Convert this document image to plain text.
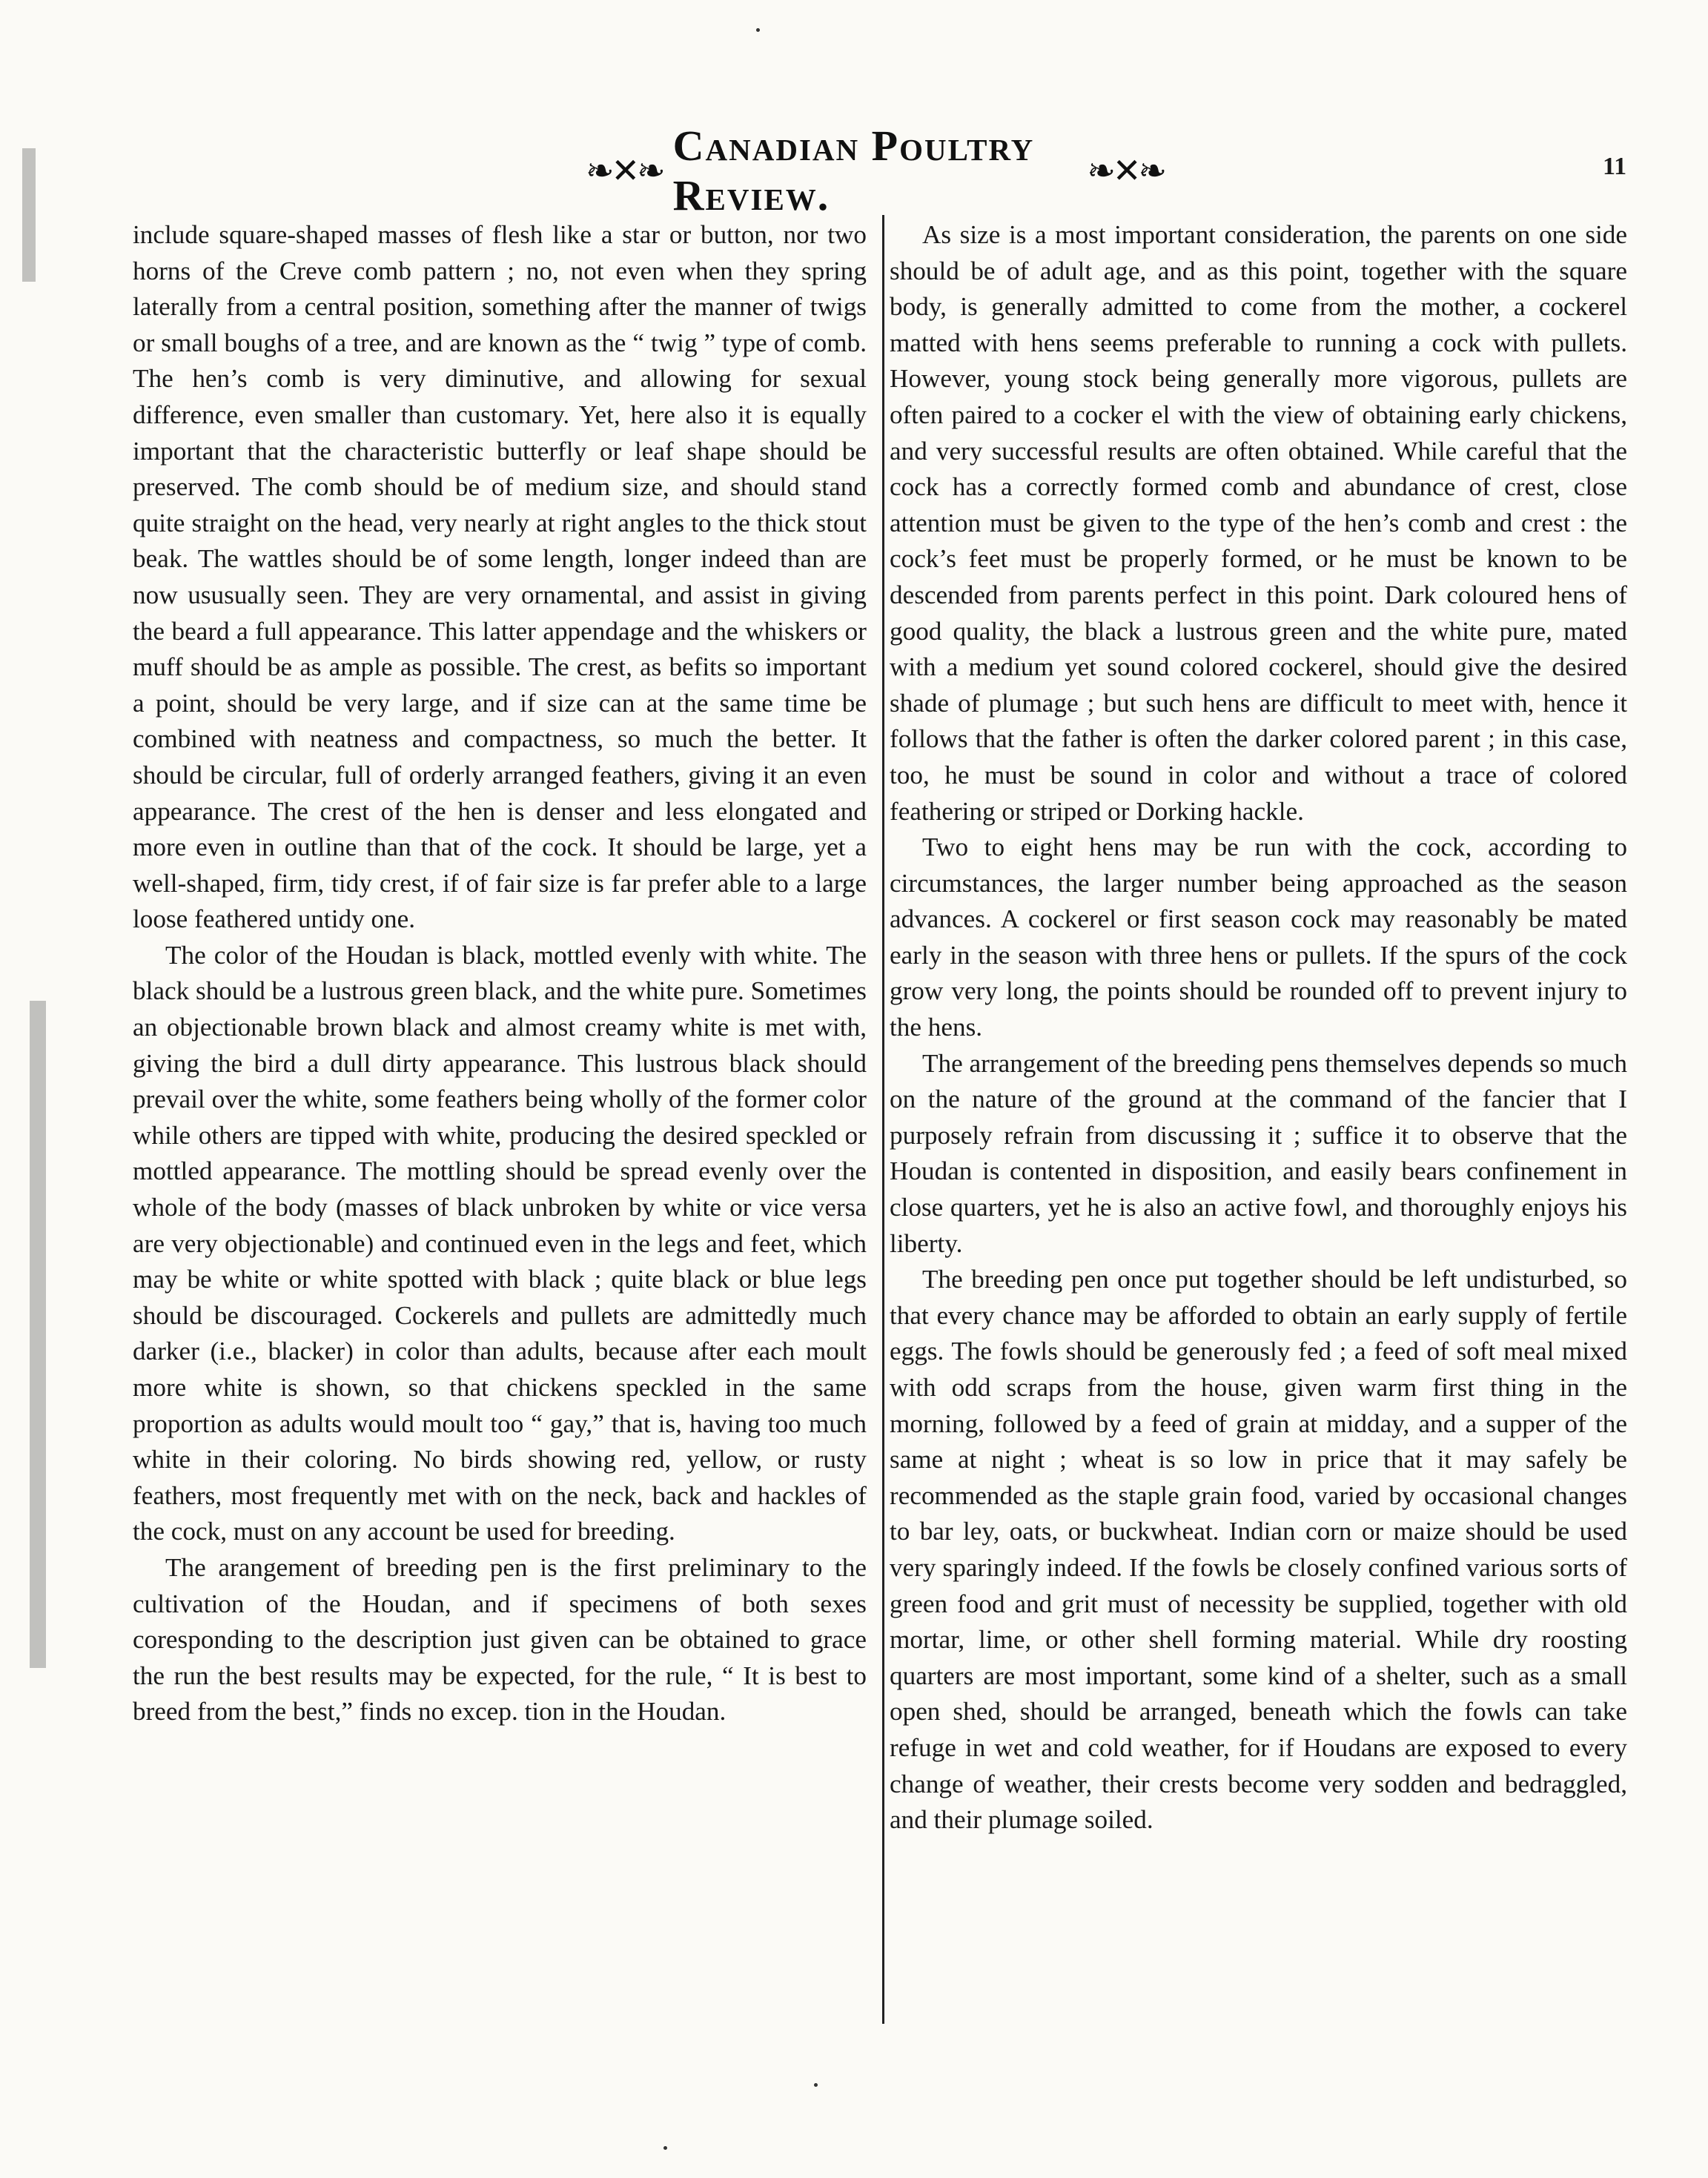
❧✕❧
Canadian Poultry Review.
❧✕❧	11

include square-shaped masses of flesh like a star or button, nor two horns of the Creve comb pattern ; no, not even when they spring laterally from a central position, something after the manner of twigs or small boughs of a tree, and are known as the “ twig ” type of comb. The hen’s comb is very diminutive, and allowing for sexual difference, even smaller than customary. Yet, here also it is equally important that the characteristic butterfly or leaf shape should be preserved. The comb should be of medium size, and should stand quite straight on the head, very nearly at right angles to the thick stout beak. The wattles should be of some length, longer indeed than are now ususually seen. They are very ornamental, and assist in giving the beard a full appearance. This latter appendage and the whiskers or muff should be as ample as possible. The crest, as befits so important a point, should be very large, and if size can at the same time be combined with neatness and compactness, so much the better. It should be circular, full of orderly arranged feathers, giving it an even appearance. The crest of the hen is denser and less elongated and more even in outline than that of the cock. It should be large, yet a well-shaped, firm, tidy crest, if of fair size is far prefer able to a large loose feathered untidy one.

The color of the Houdan is black, mottled evenly with white. The black should be a lustrous green black, and the white pure. Sometimes an objectionable brown black and almost creamy white is met with, giving the bird a dull dirty appearance. This lustrous black should prevail over the white, some feathers being wholly of the former color while others are tipped with white, producing the desired speckled or mottled appearance. The mottling should be spread evenly over the whole of the body (masses of black unbroken by white or vice versa are very objectionable) and continued even in the legs and feet, which may be white or white spotted with black ; quite black or blue legs should be discouraged. Cockerels and pullets are admittedly much darker (i.e., blacker) in color than adults, because after each moult more white is shown, so that chickens speckled in the same proportion as adults would moult too “ gay,” that is, having too much white in their coloring. No birds showing red, yellow, or rusty feathers, most frequently met with on the neck, back and hackles of the cock, must on any account be used for breeding.

The arangement of breeding pen is the first preliminary to the cultivation of the Houdan, and if specimens of both sexes coresponding to the description just given can be obtained to grace the run the best results may be expected, for the rule, “ It is best to breed from the best,” finds no excep. tion in the Houdan.

As size is a most important consideration, the parents on one side should be of adult age, and as this point, together with the square body, is generally admitted to come from the mother, a cockerel matted with hens seems preferable to running a cock with pullets. However, young stock being generally more vigorous, pullets are often paired to a cocker el with the view of obtaining early chickens, and very successful results are often obtained. While careful that the cock has a correctly formed comb and abundance of crest, close attention must be given to the type of the hen’s comb and crest : the cock’s feet must be properly formed, or he must be known to be descended from parents perfect in this point. Dark coloured hens of good quality, the black a lustrous green and the white pure, mated with a medium yet sound colored cockerel, should give the desired shade of plumage ; but such hens are difficult to meet with, hence it follows that the father is often the darker colored parent ; in this case, too, he must be sound in color and without a trace of colored feathering or striped or Dorking hackle.

Two to eight hens may be run with the cock, according to circumstances, the larger number being approached as the season advances. A cockerel or first season cock may reasonably be mated early in the season with three hens or pullets. If the spurs of the cock grow very long, the points should be rounded off to prevent injury to the hens.

The arrangement of the breeding pens themselves depends so much on the nature of the ground at the command of the fancier that I purposely refrain from discussing it ; suffice it to observe that the Houdan is contented in disposition, and easily bears confinement in close quarters, yet he is also an active fowl, and thoroughly enjoys his liberty.

The breeding pen once put together should be left undisturbed, so that every chance may be afforded to obtain an early supply of fertile eggs. The fowls should be generously fed ; a feed of soft meal mixed with odd scraps from the house, given warm first thing in the morning, followed by a feed of grain at midday, and a supper of the same at night ; wheat is so low in price that it may safely be recommended as the staple grain food, varied by occasional changes to bar ley, oats, or buckwheat. Indian corn or maize should be used very sparingly indeed. If the fowls be closely confined various sorts of green food and grit must of necessity be supplied, together with old mortar, lime, or other shell forming material. While dry roosting quarters are most important, some kind of a shelter, such as a small open shed, should be arranged, beneath which the fowls can take refuge in wet and cold weather, for if Houdans are exposed to every change of weather, their crests become very sodden and bedraggled, and their plumage soiled.
